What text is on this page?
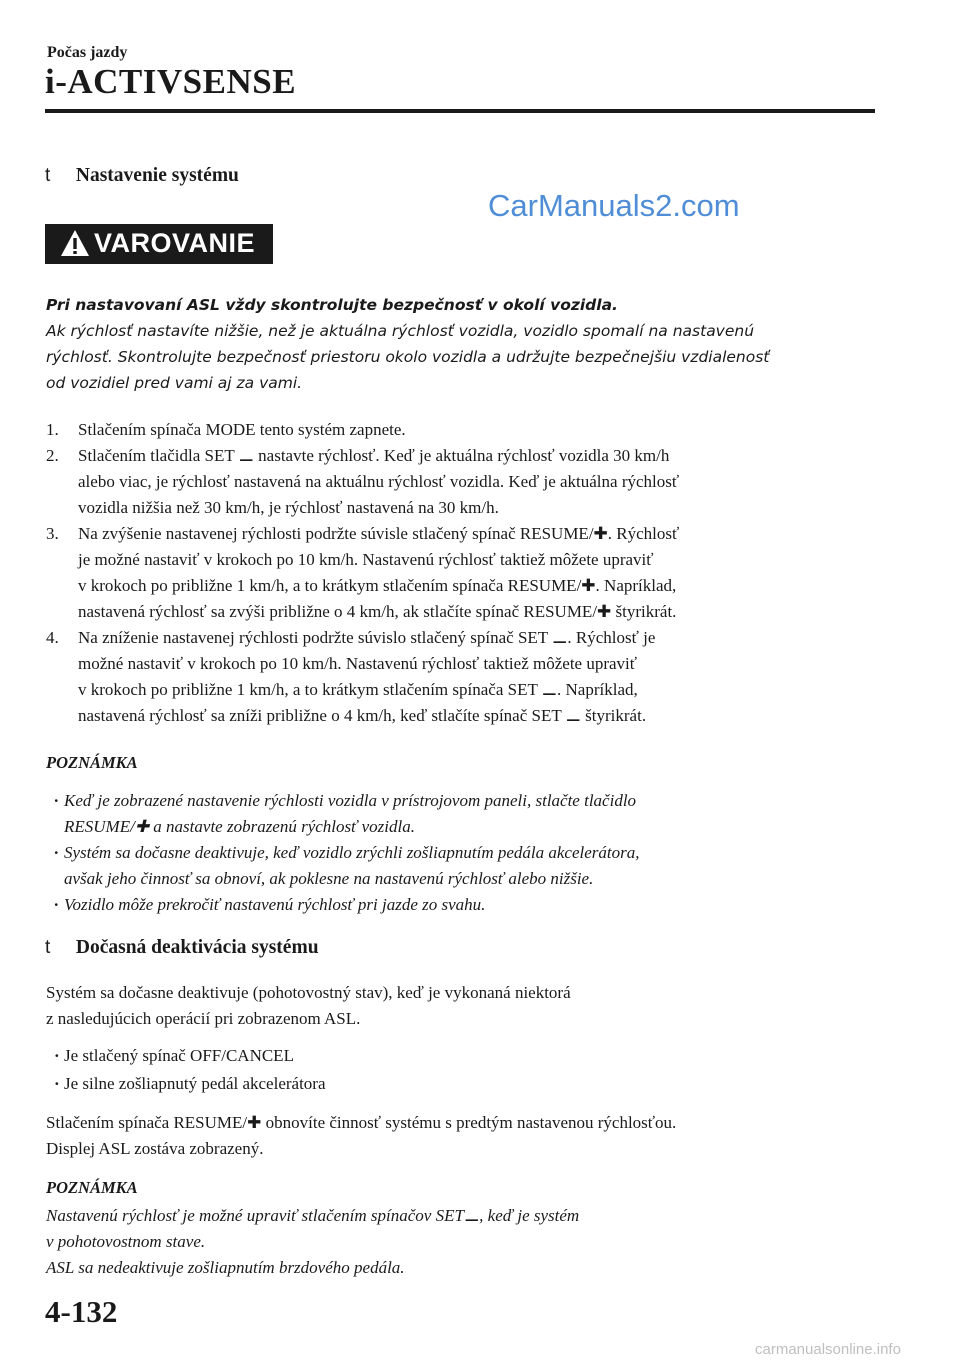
Počas jazdy
i-ACTIVSENSE
t Nastavenie systému
CarManuals2.com
VAROVANIE
Pri nastavovaní ASL vždy skontrolujte bezpečnosť v okolí vozidla.
Ak rýchlosť nastavíte nižšie, než je aktuálna rýchlosť vozidla, vozidlo spomalí na nastavenú
rýchlosť. Skontrolujte bezpečnosť priestoru okolo vozidla a udržujte bezpečnejšiu vzdialenosť
od vozidiel pred vami aj za vami.
1. Stlačením spínača MODE tento systém zapnete.
2. Stlačením tlačidla SET ⚊ nastavte rýchlosť. Keď je aktuálna rýchlosť vozidla 30 km/h
alebo viac, je rýchlosť nastavená na aktuálnu rýchlosť vozidla. Keď je aktuálna rýchlosť
vozidla nižšia než 30 km/h, je rýchlosť nastavená na 30 km/h.
3. Na zvýšenie nastavenej rýchlosti podržte súvisle stlačený spínač RESUME/✚. Rýchlosť
je možné nastaviť v krokoch po 10 km/h. Nastavenú rýchlosť taktiež môžete upraviť
v krokoch po približne 1 km/h, a to krátkym stlačením spínača RESUME/✚. Napríklad,
nastavená rýchlosť sa zvýši približne o 4 km/h, ak stlačíte spínač RESUME/✚ štyrikrát.
4. Na zníženie nastavenej rýchlosti podržte súvislo stlačený spínač SET ⚊. Rýchlosť je
možné nastaviť v krokoch po 10 km/h. Nastavenú rýchlosť taktiež môžete upraviť
v krokoch po približne 1 km/h, a to krátkym stlačením spínača SET ⚊. Napríklad,
nastavená rýchlosť sa zníži približne o 4 km/h, keď stlačíte spínač SET ⚊ štyrikrát.
POZNÁMKA
· Keď je zobrazené nastavenie rýchlosti vozidla v prístrojovom paneli, stlačte tlačidlo
RESUME/✚ a nastavte zobrazenú rýchlosť vozidla.
· Systém sa dočasne deaktivuje, keď vozidlo zrýchli zošliapnutím pedála akcelerátora,
avšak jeho činnosť sa obnoví, ak poklesne na nastavenú rýchlosť alebo nižšie.
· Vozidlo môže prekročiť nastavenú rýchlosť pri jazde zo svahu.
t Dočasná deaktivácia systému
Systém sa dočasne deaktivuje (pohotovostný stav), keď je vykonaná niektorá
z nasledujúcich operácií pri zobrazenom ASL.
· Je stlačený spínač OFF/CANCEL
· Je silne zošliapnutý pedál akcelerátora
Stlačením spínača RESUME/✚ obnovíte činnosť systému s predtým nastavenou rýchlosťou.
Displej ASL zostáva zobrazený.
POZNÁMKA
Nastavenú rýchlosť je možné upraviť stlačením spínačov SET⚊, keď je systém
v pohotovostnom stave.
ASL sa nedeaktivuje zošliapnutím brzdového pedála.
4-132
carmanualsonline.info
